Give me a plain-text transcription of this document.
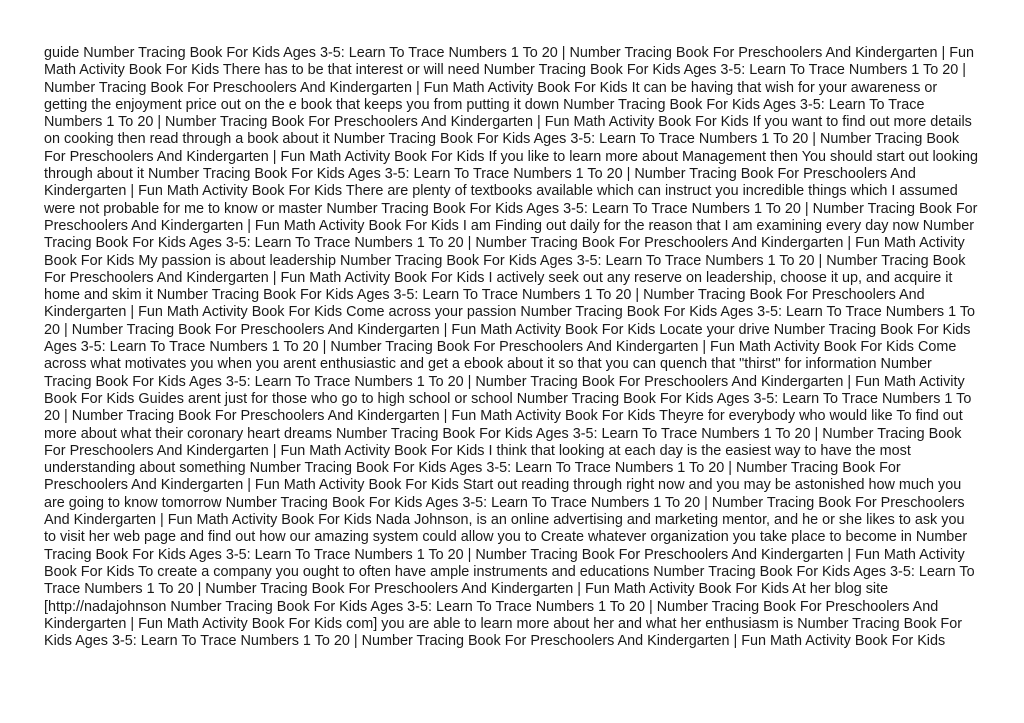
guide Number Tracing Book For Kids Ages 3-5: Learn To Trace Numbers 1 To 20 | Number Tracing Book For Preschoolers And Kindergarten | Fun Math Activity Book For Kids There has to be that interest or will need Number Tracing Book For Kids Ages 3-5: Learn To Trace Numbers 1 To 20 | Number Tracing Book For Preschoolers And Kindergarten | Fun Math Activity Book For Kids It can be having that wish for your awareness or getting the enjoyment price out on the e book that keeps you from putting it down Number Tracing Book For Kids Ages 3-5: Learn To Trace Numbers 1 To 20 | Number Tracing Book For Preschoolers And Kindergarten | Fun Math Activity Book For Kids If you want to find out more details on cooking then read through a book about it Number Tracing Book For Kids Ages 3-5: Learn To Trace Numbers 1 To 20 | Number Tracing Book For Preschoolers And Kindergarten | Fun Math Activity Book For Kids If you like to learn more about Management then You should start out looking through about it Number Tracing Book For Kids Ages 3-5: Learn To Trace Numbers 1 To 20 | Number Tracing Book For Preschoolers And Kindergarten | Fun Math Activity Book For Kids There are plenty of textbooks available which can instruct you incredible things which I assumed were not probable for me to know or master Number Tracing Book For Kids Ages 3-5: Learn To Trace Numbers 1 To 20 | Number Tracing Book For Preschoolers And Kindergarten | Fun Math Activity Book For Kids I am Finding out daily for the reason that I am examining every day now Number Tracing Book For Kids Ages 3-5: Learn To Trace Numbers 1 To 20 | Number Tracing Book For Preschoolers And Kindergarten | Fun Math Activity Book For Kids My passion is about leadership Number Tracing Book For Kids Ages 3-5: Learn To Trace Numbers 1 To 20 | Number Tracing Book For Preschoolers And Kindergarten | Fun Math Activity Book For Kids I actively seek out any reserve on leadership, choose it up, and acquire it home and skim it Number Tracing Book For Kids Ages 3-5: Learn To Trace Numbers 1 To 20 | Number Tracing Book For Preschoolers And Kindergarten | Fun Math Activity Book For Kids Come across your passion Number Tracing Book For Kids Ages 3-5: Learn To Trace Numbers 1 To 20 | Number Tracing Book For Preschoolers And Kindergarten | Fun Math Activity Book For Kids Locate your drive Number Tracing Book For Kids Ages 3-5: Learn To Trace Numbers 1 To 20 | Number Tracing Book For Preschoolers And Kindergarten | Fun Math Activity Book For Kids Come across what motivates you when you arent enthusiastic and get a ebook about it so that you can quench that "thirst" for information Number Tracing Book For Kids Ages 3-5: Learn To Trace Numbers 1 To 20 | Number Tracing Book For Preschoolers And Kindergarten | Fun Math Activity Book For Kids Guides arent just for those who go to high school or school Number Tracing Book For Kids Ages 3-5: Learn To Trace Numbers 1 To 20 | Number Tracing Book For Preschoolers And Kindergarten | Fun Math Activity Book For Kids Theyre for everybody who would like To find out more about what their coronary heart dreams Number Tracing Book For Kids Ages 3-5: Learn To Trace Numbers 1 To 20 | Number Tracing Book For Preschoolers And Kindergarten | Fun Math Activity Book For Kids I think that looking at each day is the easiest way to have the most understanding about something Number Tracing Book For Kids Ages 3-5: Learn To Trace Numbers 1 To 20 | Number Tracing Book For Preschoolers And Kindergarten | Fun Math Activity Book For Kids Start out reading through right now and you may be astonished how much you are going to know tomorrow Number Tracing Book For Kids Ages 3-5: Learn To Trace Numbers 1 To 20 | Number Tracing Book For Preschoolers And Kindergarten | Fun Math Activity Book For Kids Nada Johnson, is an online advertising and marketing mentor, and he or she likes to ask you to visit her web page and find out how our amazing system could allow you to Create whatever organization you take place to become in Number Tracing Book For Kids Ages 3-5: Learn To Trace Numbers 1 To 20 | Number Tracing Book For Preschoolers And Kindergarten | Fun Math Activity Book For Kids To create a company you ought to often have ample instruments and educations Number Tracing Book For Kids Ages 3-5: Learn To Trace Numbers 1 To 20 | Number Tracing Book For Preschoolers And Kindergarten | Fun Math Activity Book For Kids At her blog site [http://nadajohnson Number Tracing Book For Kids Ages 3-5: Learn To Trace Numbers 1 To 20 | Number Tracing Book For Preschoolers And Kindergarten | Fun Math Activity Book For Kids com] you are able to learn more about her and what her enthusiasm is Number Tracing Book For Kids Ages 3-5: Learn To Trace Numbers 1 To 20 | Number Tracing Book For Preschoolers And Kindergarten | Fun Math Activity Book For Kids
